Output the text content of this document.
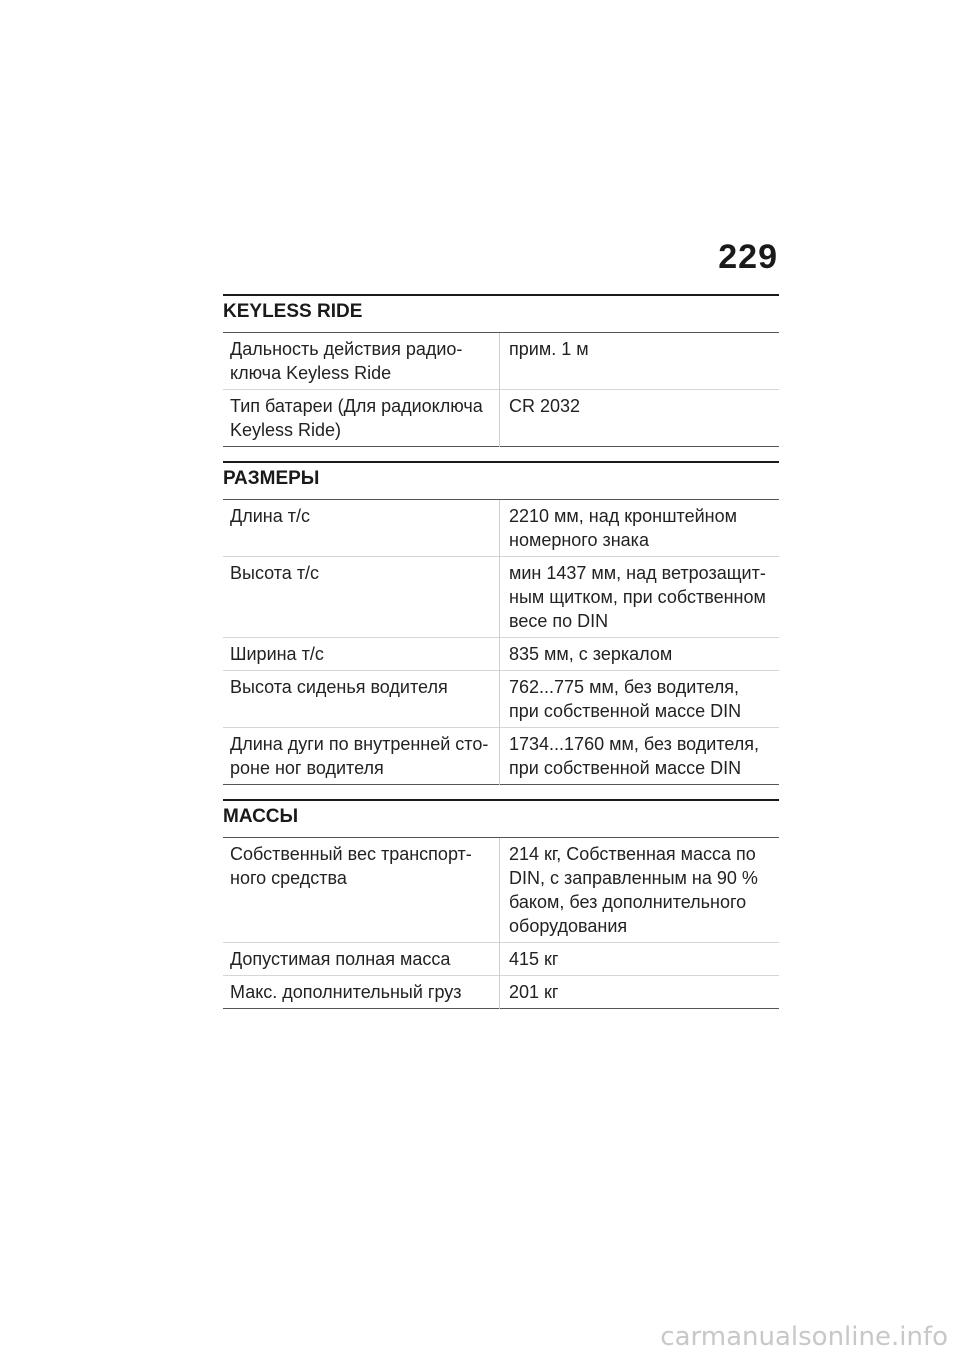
229
KEYLESS RIDE
Дальность действия радио-ключа Keyless Ride	прим. 1 м
Тип батареи (Для радиоключа Keyless Ride)	CR 2032
РАЗМЕРЫ
Длина т/с	2210 мм, над кронштейном номерного знака
Высота т/с	мин 1437 мм, над ветрозащит-ным щитком, при собственном весе по DIN
Ширина т/с	835 мм, с зеркалом
Высота сиденья водителя	762...775 мм, без водителя, при собственной массе DIN
Длина дуги по внутренней сто-роне ног водителя	1734...1760 мм, без водителя, при собственной массе DIN
МАССЫ
Собственный вес транспорт-ного средства	214 кг, Собственная масса по DIN, с заправленным на 90 % баком, без дополнительного оборудования
Допустимая полная масса	415 кг
Макс. дополнительный груз	201 кг
carmanualsonline.info
